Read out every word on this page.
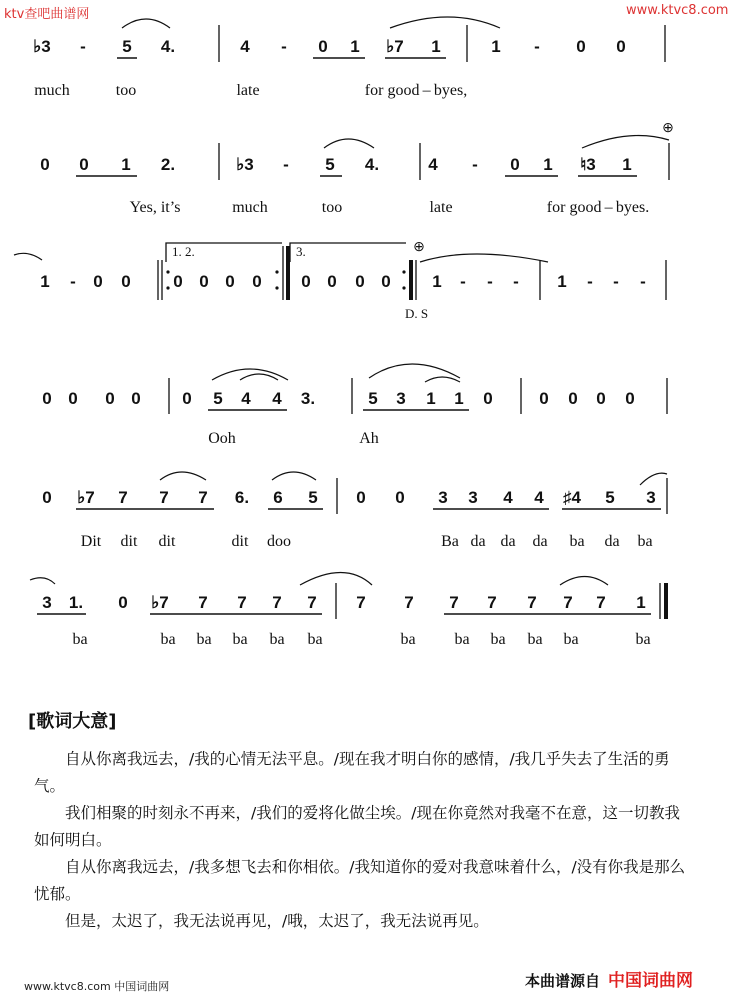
ktv查吧曲谱网	www.ktvc8.com
♭3 - 5 4.	4 - 0 1 ♭7 1	1 - 0 0
much	too	late	for good – byes,
0 0 1 2.	♭3 - 5 4.	4 - 0 1 ♮3 1
⊕
Yes, it’s	much	too	late	for good – byes.
1 - 0 0	0 0 0 0
1. 2.	3.
0 0 0 0
⊕
1 - - - 1 - - -
D. S
0 0 0 0 0 5 4 4 3.	5 3 1 1 0	0 0 0 0
Ooh	Ah
0 ♭7 7 7 7 6. 6 5 0 0 3 3 4 4 ♯4 5 3
Dit dit dit	dit doo	Ba da da da ba da ba
3 1. 0 ♭7 7 7 7 7 7 7 7 7 7 7 7 1
ba	ba ba ba ba ba	ba ba ba ba ba	ba
[歌词大意]

自从你离我远去，/我的心情无法平息。/现在我才明白你的感情，/我几乎失去了生活的勇气。

我们相聚的时刻永不再来，/我们的爱将化做尘埃。/现在你竟然对我毫不在意，这一切教我如何明白。

自从你离我远去，/我多想飞去和你相依。/我知道你的爱对我意味着什么，/没有你我是那么忧郁。

但是，太迟了，我无法说再见，/哦，太迟了，我无法说再见。

www.ktvc8.com 中国词曲网	本曲谱源自 中国词曲网
